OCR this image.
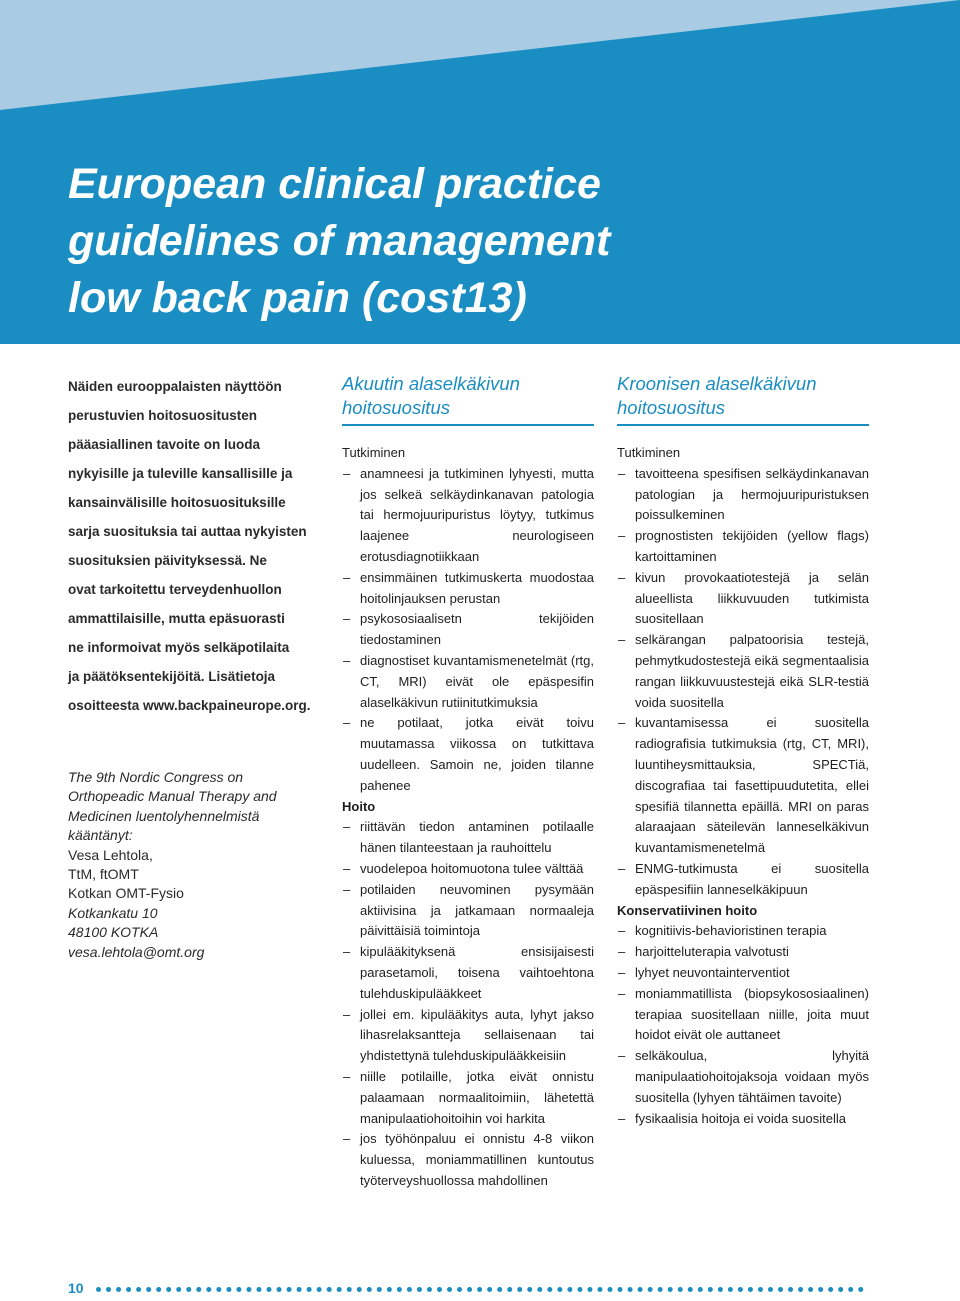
European clinical practice
guidelines of management
low back pain (cost13)
Näiden eurooppalaisten näyttöön
perustuvien hoitosuositusten
pääasiallinen tavoite on luoda
nykyisille ja tuleville kansallisille ja
kansainvälisille hoitosuosituksille
sarja suosituksia tai auttaa nykyisten
suosituksien päivityksessä. Ne
ovat tarkoitettu terveydenhuollon
ammattilaisille, mutta epäsuorasti
ne informoivat myös selkäpotilaita
ja päätöksentekijöitä. Lisätietoja
osoitteesta www.backpaineurope.org.
The 9th Nordic Congress on
Orthopeadic Manual Therapy and
Medicinen luentolyhennelmistä
kääntänyt:
Vesa Lehtola,
TtM, ftOMT
Kotkan OMT-Fysio
Kotkankatu 10
48100 KOTKA
vesa.lehtola@omt.org
Akuutin alaselkäkivun
hoitosuositus
Tutkiminen
– anamneesi ja tutkiminen lyhyesti, mutta jos selkeä selkäydinkanavan patologia tai hermojuuripuristus löytyy, tutkimus laajenee neurologiseen erotusdiagnotiikkaan
– ensimmäinen tutkimuskerta muodostaa hoitolinjauksen perustan
– psykososiaalisetn tekijöiden tiedostaminen
– diagnostiset kuvantamismenetelmät (rtg, CT, MRI) eivät ole epäspesifin alaselkäkivun rutiinitutkimuksia
– ne potilaat, jotka eivät toivu muutamassa viikossa on tutkittava uudelleen. Samoin ne, joiden tilanne pahenee
Hoito
– riittävän tiedon antaminen potilaalle hänen tilanteestaan ja rauhoittelu
– vuodelepoa hoitomuotona tulee välttää
– potilaiden neuvominen pysymään aktiivisina ja jatkamaan normaaleja päivittäisiä toimintoja
– kipulääkityksenä ensisijaisesti parasetamoli, toisena vaihtoehtona tulehduskipulääkkeet
– jollei em. kipulääkitys auta, lyhyt jakso lihasrelaksantteja sellaisenaan tai yhdistettynä tulehduskipulääkkeisiin
– niille potilaille, jotka eivät onnistu palaamaan normaalitoimiin, lähetettä manipulaatiohoitoihin voi harkita
– jos työhönpaluu ei onnistu 4-8 viikon kuluessa, moniammatillinen kuntoutus työterveyshuollossa mahdollinen
Kroonisen alaselkäkivun
hoitosuositus
Tutkiminen
– tavoitteena spesifisen selkäydinkanavan patologian ja hermojuuripuristuksen poissulkeminen
– prognostisten tekijöiden (yellow flags) kartoittaminen
– kivun provokaatiotestejä ja selän alueellista liikkuvuuden tutkimista suositellaan
– selkärangan palpatoorisia testejä, pehmytkudostestejä eikä segmentaalisia rangan liikkuvuustestejä eikä SLR-testiä voida suositella
– kuvantamisessa ei suositella radiografisia tutkimuksia (rtg, CT, MRI), luuntiheysmittauksia, SPECTiä, discografiaa tai fasettipuudutetita, ellei spesifiä tilannetta epäillä. MRI on paras alaraajaan säteilevän lanneselkäkivun kuvantamismenetelmä
– ENMG-tutkimusta ei suositella epäspesifiin lanneselkäkipuun
Konservatiivinen hoito
– kognitiivis-behavioristinen terapia
– harjoitteluterapia valvotusti
– lyhyet neuvontainterventiot
– moniammatillista (biopsykososiaalinen) terapiaa suositellaan niille, joita muut hoidot eivät ole auttaneet
– selkäkoulua, lyhyitä manipulaatiohoitojaksoja voidaan myös suositella (lyhyen tähtäimen tavoite)
– fysikaalisia hoitoja ei voida suositella
10
